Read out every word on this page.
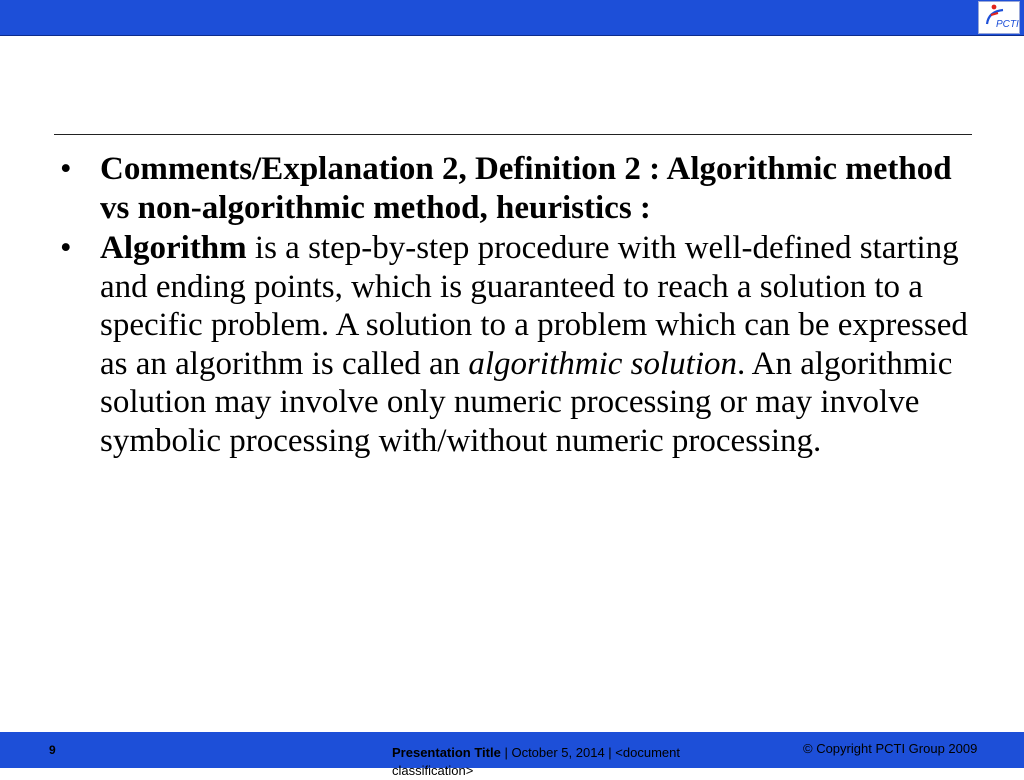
PCTI
• Comments/Explanation 2, Definition 2 : Algorithmic method vs non-algorithmic method, heuristics :
• Algorithm is a step-by-step procedure with well-defined starting and ending points, which is guaranteed to reach a solution to a specific problem. A solution to a problem which can be expressed as an algorithm is called an algorithmic solution. An algorithmic solution may involve only numeric processing or may involve symbolic processing with/without numeric processing.
9	Presentation Title | October 5, 2014 | <document classification>
© Copyright PCTI Group 2009
